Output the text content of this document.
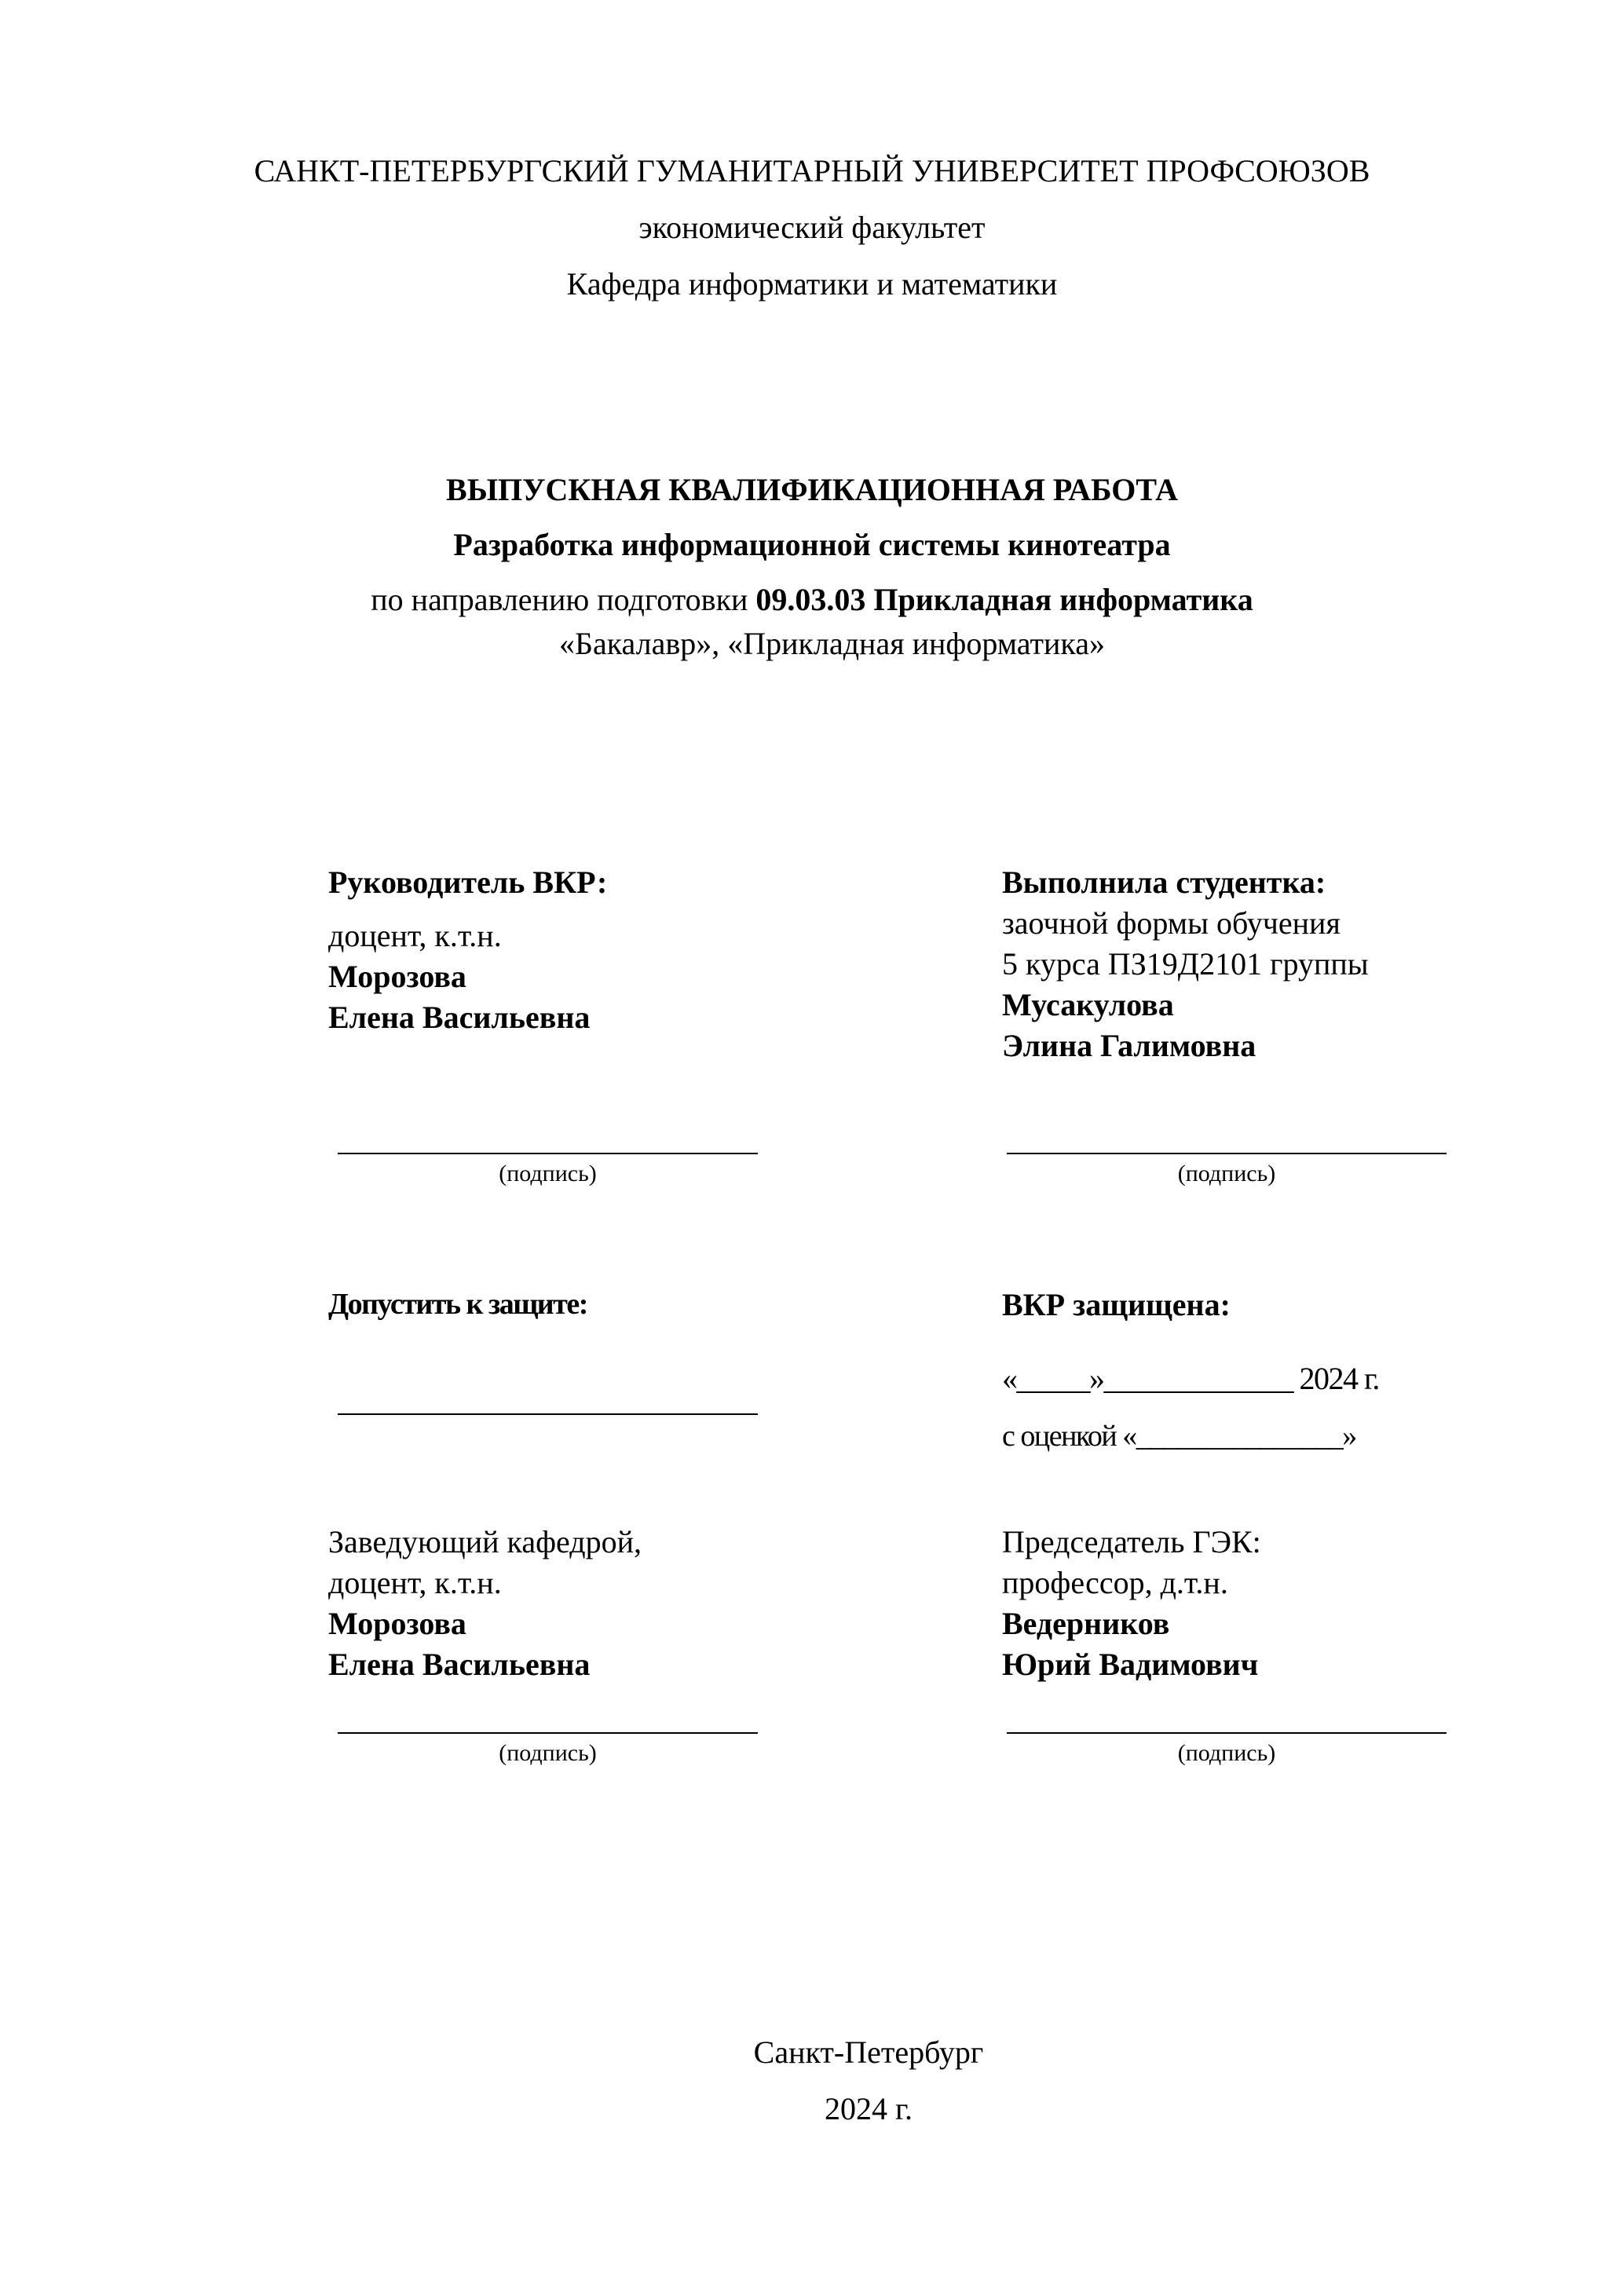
САНКТ-ПЕТЕРБУРГСКИЙ ГУМАНИТАРНЫЙ УНИВЕРСИТЕТ ПРОФСОЮЗОВ
экономический факультет
Кафедра информатики и математики
ВЫПУСКНАЯ КВАЛИФИКАЦИОННАЯ РАБОТА
Разработка информационной системы кинотеатра
по направлению подготовки 09.03.03 Прикладная информатика
«Бакалавр», «Прикладная информатика»
Руководитель ВКР:
доцент, к.т.н.
Морозова
Елена Васильевна
(подпись)
Выполнила студентка:
заочной формы обучения
5 курса ПЗ19Д2101 группы
Мусакулова
Элина Галимовна
(подпись)
Допустить к защите:	ВКР защищена:
«_____»_____________ 2024 г.
с оценкой «_______________»
Заведующий кафедрой,
доцент, к.т.н.
Морозова
Елена Васильевна
(подпись)
Председатель ГЭК:
профессор, д.т.н.
Ведерников
Юрий Вадимович
(подпись)
Санкт-Петербург
2024 г.
